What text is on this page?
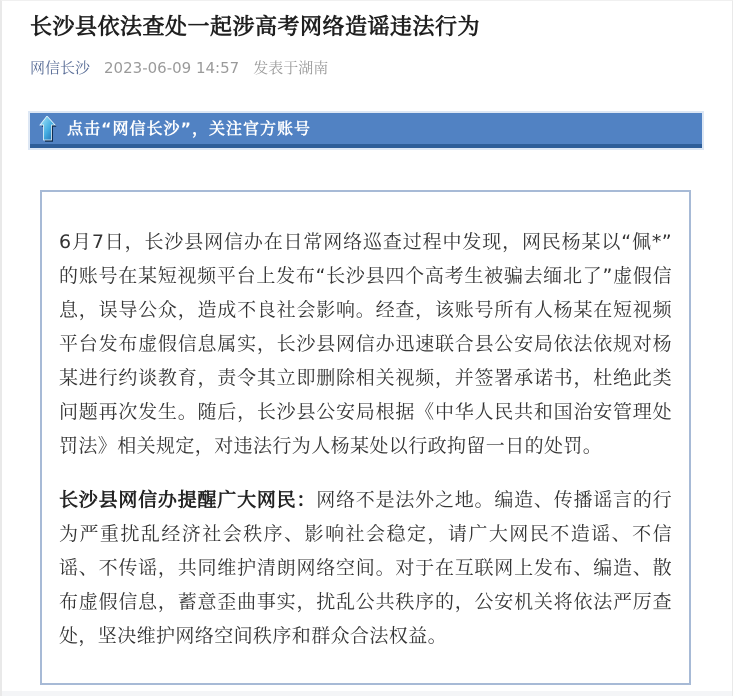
长沙县依法查处一起涉高考网络造谣违法行为
网信长沙 2023-06-09 14:57 发表于湖南
点击“网信长沙”，关注官方账号

6月7日，长沙县网信办在日常网络巡查过程中发现，网民杨某以“佩*”的账号在某短视频平台上发布“长沙县四个高考生被骗去缅北了”虚假信息，误导公众，造成不良社会影响。经查，该账号所有人杨某在短视频平台发布虚假信息属实，长沙县网信办迅速联合县公安局依法依规对杨某进行约谈教育，责令其立即删除相关视频，并签署承诺书，杜绝此类问题再次发生。随后，长沙县公安局根据《中华人民共和国治安管理处罚法》相关规定，对违法行为人杨某处以行政拘留一日的处罚。

长沙县网信办提醒广大网民：网络不是法外之地。编造、传播谣言的行为严重扰乱经济社会秩序、影响社会稳定，请广大网民不造谣、不信谣、不传谣，共同维护清朗网络空间。对于在互联网上发布、编造、散布虚假信息，蓄意歪曲事实，扰乱公共秩序的，公安机关将依法严厉查处，坚决维护网络空间秩序和群众合法权益。
